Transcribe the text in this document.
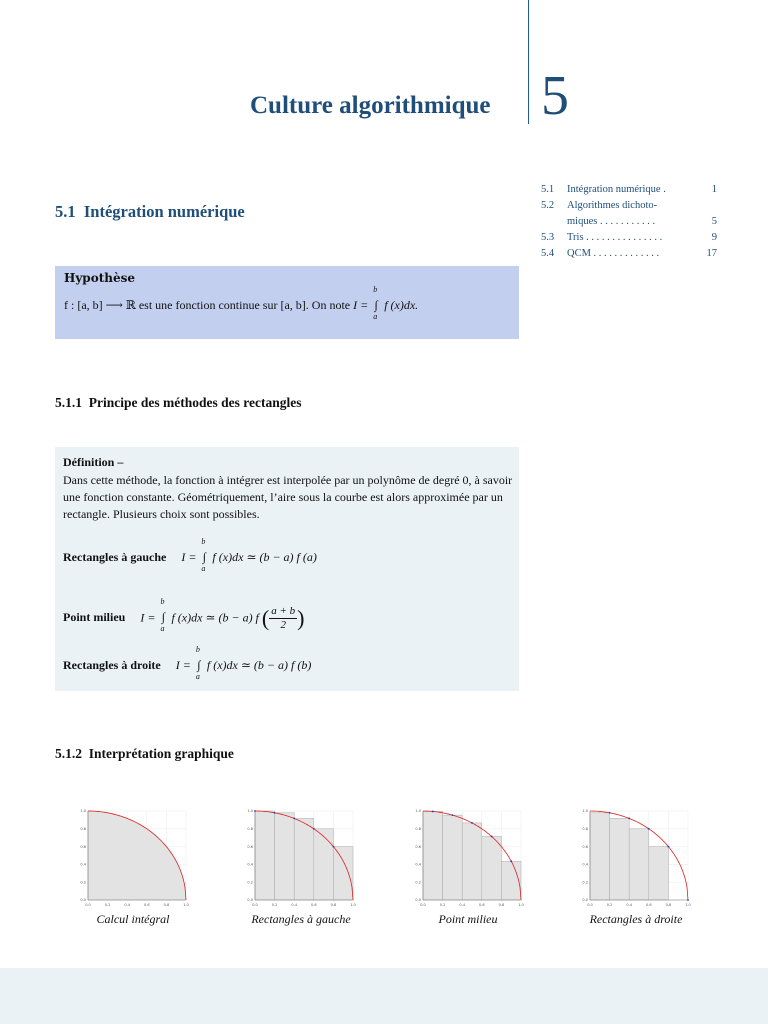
Culture algorithmique 5
5.1	Intégration numérique .	1
5.2	Algorithmes dichoto-
miques . . . . . . . . . . .	5
5.3	Tris . . . . . . . . . . . . . . .	9
5.4	QCM . . . . . . . . . . . . .	17
5.1 Intégration numérique
Hypothèse
f : [a, b] ⟶ ℝ est une fonction continue sur [a, b]. On note I = ∫
b
a
f (x)dx.
5.1.1 Principe des méthodes des rectangles
Définition –
Dans cette méthode, la fonction à intégrer est interpolée par un polynôme de degré 0, à savoir une fonction constante. Géométriquement, l’aire sous la courbe est alors approximée par un rectangle. Plusieurs choix sont possibles.
Rectangles à gauche I = ∫
b
a
f (x)dx ≃ (b − a) f (a)
Point milieu I = ∫
b
a
f (x)dx ≃ (b − a) f ( $\frac{a + b}{2}$ )
Rectangles à droite I = ∫
b
a
f (x)dx ≃ (b − a) f (b)
5.1.2 Interprétation graphique
0.0
0.0
0.2
0.2
0.4
0.4
0.6
0.6
0.8
0.8
1.0
1.0
0.0
0.0
0.2
0.2
0.4
0.4
0.6
0.6
0.8
0.8
1.0
1.0
0.0
0.0
0.2
0.2
0.4
0.4
0.6
0.6
0.8
0.8
1.0
1.0
0.0
0.0
0.2
0.2
0.4
0.4
0.6
0.6
0.8
0.8
1.0
1.0
Calcul intégral	Rectangles à gauche	Point milieu	Rectangles à droite
